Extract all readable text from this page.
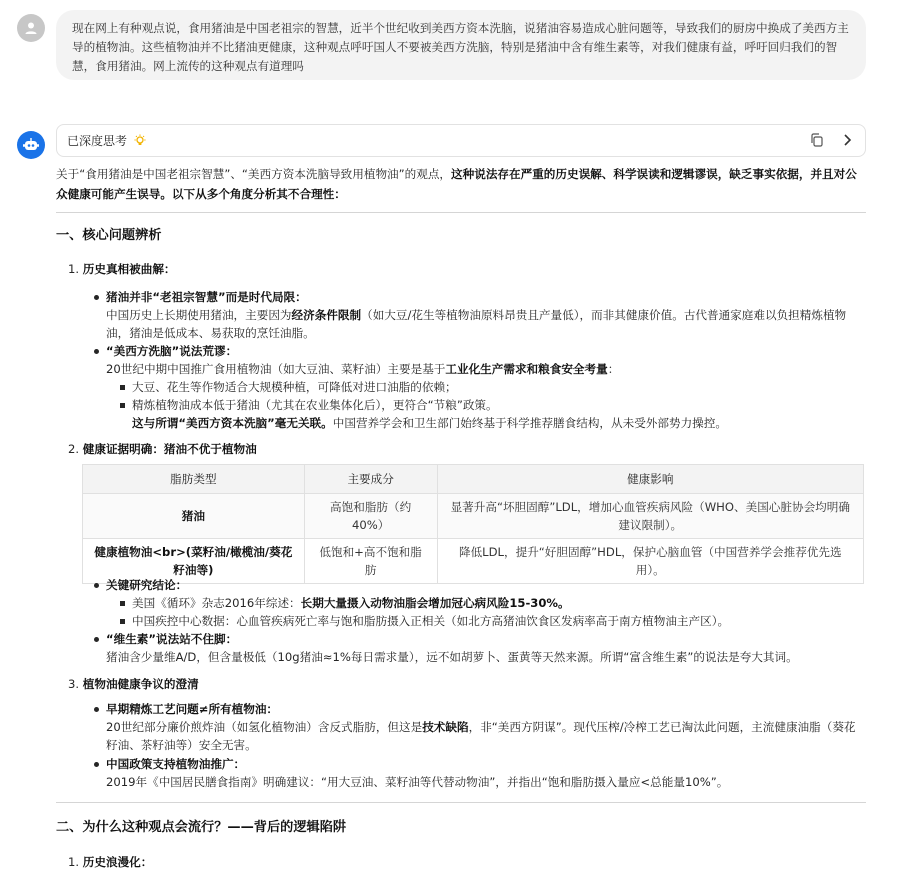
现在网上有种观点说，食用猪油是中国老祖宗的智慧，近半个世纪收到美西方资本洗脑，说猪油容易造成心脏问题等，导致我们的厨房中换成了美西方主导的植物油。这些植物油并不比猪油更健康，这种观点呼吁国人不要被美西方洗脑，特别是猪油中含有维生素等，对我们健康有益，呼吁回归我们的智慧，食用猪油。网上流传的这种观点有道理吗
已深度思考
关于“食用猪油是中国老祖宗智慧”、“美西方资本洗脑导致用植物油”的观点，这种说法存在严重的历史误解、科学误读和逻辑谬误，缺乏事实依据，并且对公众健康可能产生误导。以下从多个角度分析其不合理性：
一、核心问题辨析
1. 历史真相被曲解：
猪油并非“老祖宗智慧”而是时代局限：
中国历史上长期使用猪油，主要因为经济条件限制（如大豆/花生等植物油原料昂贵且产量低），而非其健康价值。古代普通家庭难以负担精炼植物油，猪油是低成本、易获取的烹饪油脂。
“美西方洗脑”说法荒谬：
20世纪中期中国推广食用植物油（如大豆油、菜籽油）主要是基于工业化生产需求和粮食安全考量：
大豆、花生等作物适合大规模种植，可降低对进口油脂的依赖；
精炼植物油成本低于猪油（尤其在农业集体化后），更符合“节粮”政策。
这与所谓“美西方资本洗脑”毫无关联。中国营养学会和卫生部门始终基于科学推荐膳食结构，从未受外部势力操控。
2. 健康证据明确：猪油不优于植物油
脂肪类型	主要成分	健康影响
猪油	高饱和脂肪（约40%）	显著升高“坏胆固醇”LDL，增加心血管疾病风险（WHO、美国心脏协会均明确建议限制）。
健康植物油<br>(菜籽油/橄榄油/葵花籽油等)	低饱和+高不饱和脂肪	降低LDL，提升“好胆固醇”HDL，保护心脑血管（中国营养学会推荐优先选用）。
关键研究结论：
美国《循环》杂志2016年综述：长期大量摄入动物油脂会增加冠心病风险15-30%。
中国疾控中心数据：心血管疾病死亡率与饱和脂肪摄入正相关（如北方高猪油饮食区发病率高于南方植物油主产区）。
“维生素”说法站不住脚：
猪油含少量维A/D，但含量极低（10g猪油≈1%每日需求量），远不如胡萝卜、蛋黄等天然来源。所谓“富含维生素”的说法是夸大其词。
3. 植物油健康争议的澄清
早期精炼工艺问题≠所有植物油：
20世纪部分廉价煎炸油（如氢化植物油）含反式脂肪，但这是技术缺陷，非“美西方阴谋”。现代压榨/冷榨工艺已淘汰此问题，主流健康油脂（葵花籽油、茶籽油等）安全无害。
中国政策支持植物油推广：
2019年《中国居民膳食指南》明确建议：“用大豆油、菜籽油等代替动物油”，并指出“饱和脂肪摄入量应<总能量10%”。
二、为什么这种观点会流行？——背后的逻辑陷阱
1. 历史浪漫化：
